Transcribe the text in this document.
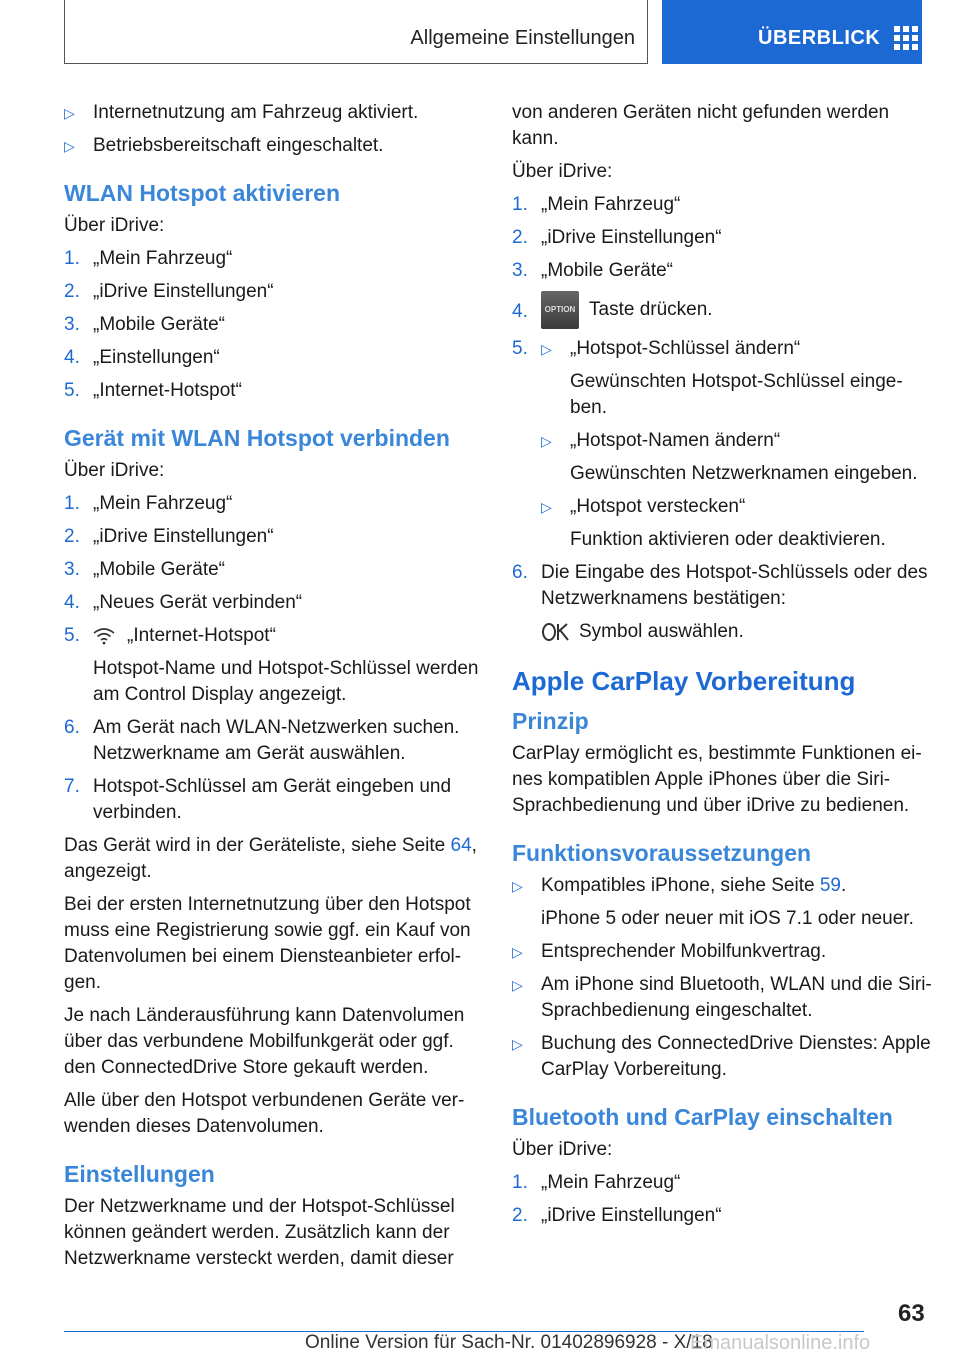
Allgemeine Einstellungen	ÜBERBLICK
▷ Internetnutzung am Fahrzeug aktiviert.
▷ Betriebsbereitschaft eingeschaltet.
WLAN Hotspot aktivieren
Über iDrive:
1. „Mein Fahrzeug“
2. „iDrive Einstellungen“
3. „Mobile Geräte“
4. „Einstellungen“
5. „Internet-Hotspot“
Gerät mit WLAN Hotspot verbinden
Über iDrive:
1. „Mein Fahrzeug“
2. „iDrive Einstellungen“
3. „Mobile Geräte“
4. „Neues Gerät verbinden“
5. „Internet-Hotspot“
Hotspot-Name und Hotspot-Schlüssel werden am Control Display angezeigt.
6. Am Gerät nach WLAN-Netzwerken suchen.
Netzwerkname am Gerät auswählen.
7. Hotspot-Schlüssel am Gerät eingeben und verbinden.
Das Gerät wird in der Geräteliste, siehe Seite 64, angezeigt.
Bei der ersten Internetnutzung über den Hotspot muss eine Registrierung sowie ggf. ein Kauf von Datenvolumen bei einem Diensteanbieter erfolgen.
Je nach Länderausführung kann Datenvolumen über das verbundene Mobilfunkgerät oder ggf. den ConnectedDrive Store gekauft werden.
Alle über den Hotspot verbundenen Geräte verwenden dieses Datenvolumen.
Einstellungen
Der Netzwerkname und der Hotspot-Schlüssel können geändert werden. Zusätzlich kann der Netzwerkname versteckt werden, damit dieser
von anderen Geräten nicht gefunden werden kann.
Über iDrive:
1. „Mein Fahrzeug“
2. „iDrive Einstellungen“
3. „Mobile Geräte“
4. OPTION Taste drücken.
5. ▷ „Hotspot-Schlüssel ändern“
Gewünschten Hotspot-Schlüssel eingeben.
▷ „Hotspot-Namen ändern“
Gewünschten Netzwerknamen eingeben.
▷ „Hotspot verstecken“
Funktion aktivieren oder deaktivieren.
6. Die Eingabe des Hotspot-Schlüssels oder des Netzwerknamens bestätigen:
Symbol auswählen.
Apple CarPlay Vorbereitung
Prinzip
CarPlay ermöglicht es, bestimmte Funktionen eines kompatiblen Apple iPhones über die Siri-Sprachbedienung und über iDrive zu bedienen.
Funktionsvoraussetzungen
▷ Kompatibles iPhone, siehe Seite 59.
iPhone 5 oder neuer mit iOS 7.1 oder neuer.
▷ Entsprechender Mobilfunkvertrag.
▷ Am iPhone sind Bluetooth, WLAN und die Siri-Sprachbedienung eingeschaltet.
▷ Buchung des ConnectedDrive Dienstes: Apple CarPlay Vorbereitung.
Bluetooth und CarPlay einschalten
Über iDrive:
1. „Mein Fahrzeug“
2. „iDrive Einstellungen“
63
Online Version für Sach-Nr. 01402896928 - X/18
Emanualsonline.info
